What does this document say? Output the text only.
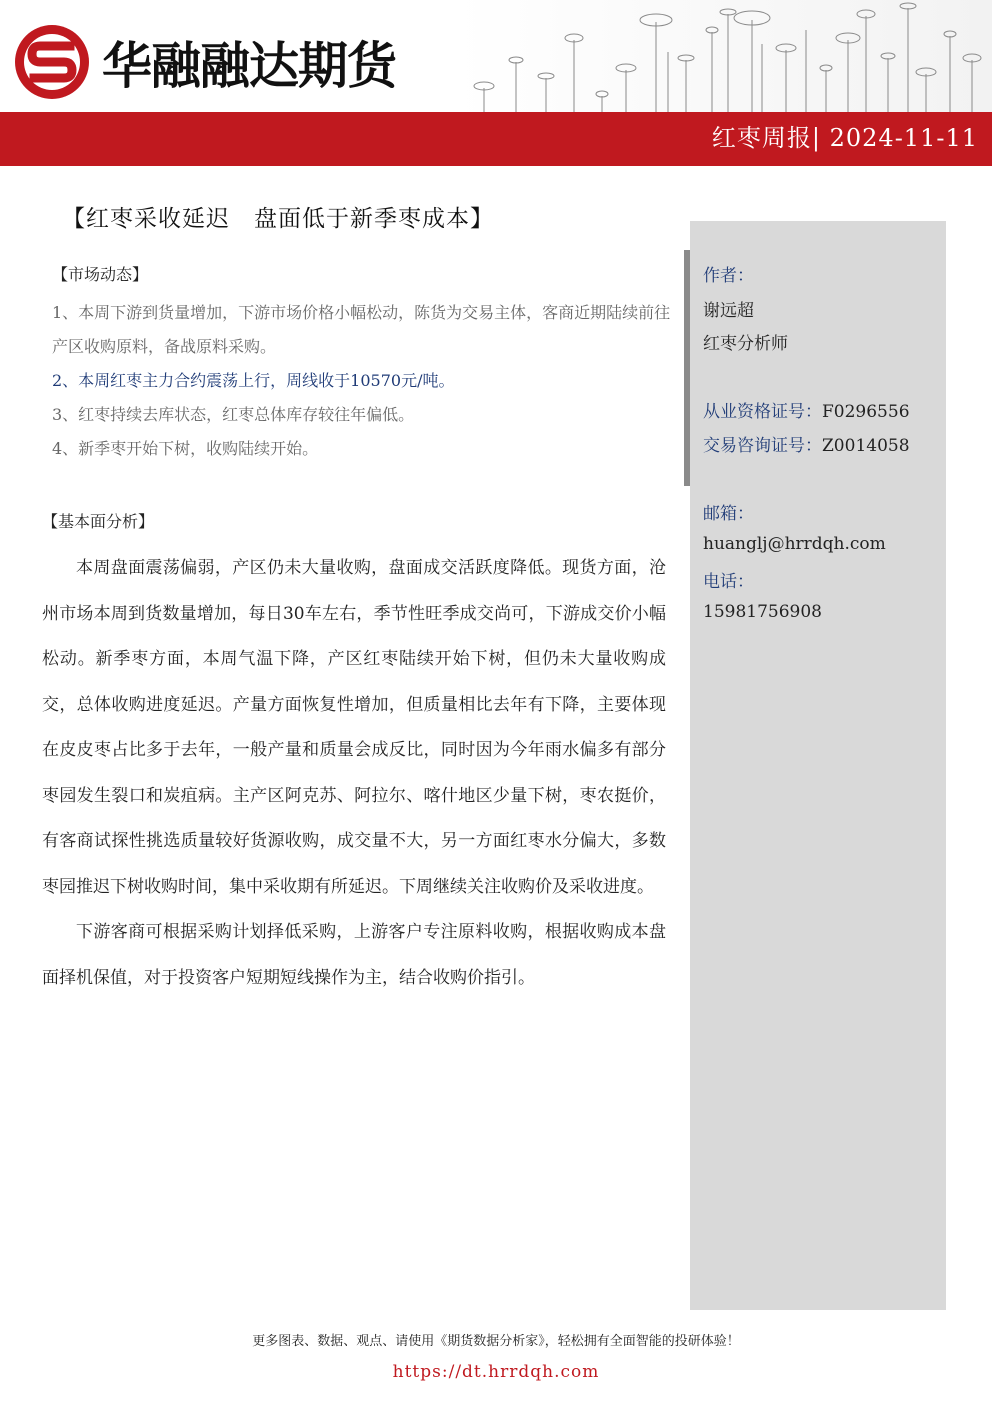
华融融达期货
红枣周报| 2024-11-11
【红枣采收延迟　盘面低于新季枣成本】
【市场动态】
1、本周下游到货量增加，下游市场价格小幅松动，陈货为交易主体，客商近期陆续前往产区收购原料，备战原料采购。
2、本周红枣主力合约震荡上行，周线收于10570元/吨。
3、红枣持续去库状态，红枣总体库存较往年偏低。
4、新季枣开始下树，收购陆续开始。
【基本面分析】

本周盘面震荡偏弱，产区仍未大量收购，盘面成交活跃度降低。现货方面，沧州市场本周到货数量增加，每日30车左右，季节性旺季成交尚可，下游成交价小幅松动。新季枣方面，本周气温下降，产区红枣陆续开始下树，但仍未大量收购成交，总体收购进度延迟。产量方面恢复性增加，但质量相比去年有下降，主要体现在皮皮枣占比多于去年，一般产量和质量会成反比，同时因为今年雨水偏多有部分枣园发生裂口和炭疽病。主产区阿克苏、阿拉尔、喀什地区少量下树，枣农挺价，有客商试探性挑选质量较好货源收购，成交量不大，另一方面红枣水分偏大，多数枣园推迟下树收购时间，集中采收期有所延迟。下周继续关注收购价及采收进度。

下游客商可根据采购计划择低采购，上游客户专注原料收购，根据收购成本盘面择机保值，对于投资客户短期短线操作为主，结合收购价指引。

作者：
谢远超
红枣分析师
从业资格证号：F0296556
交易咨询证号：Z0014058
邮箱：
huanglj@hrrdqh.com
电话：
15981756908
更多图表、数据、观点、请使用《期货数据分析家》，轻松拥有全面智能的投研体验！
https://dt.hrrdqh.com
